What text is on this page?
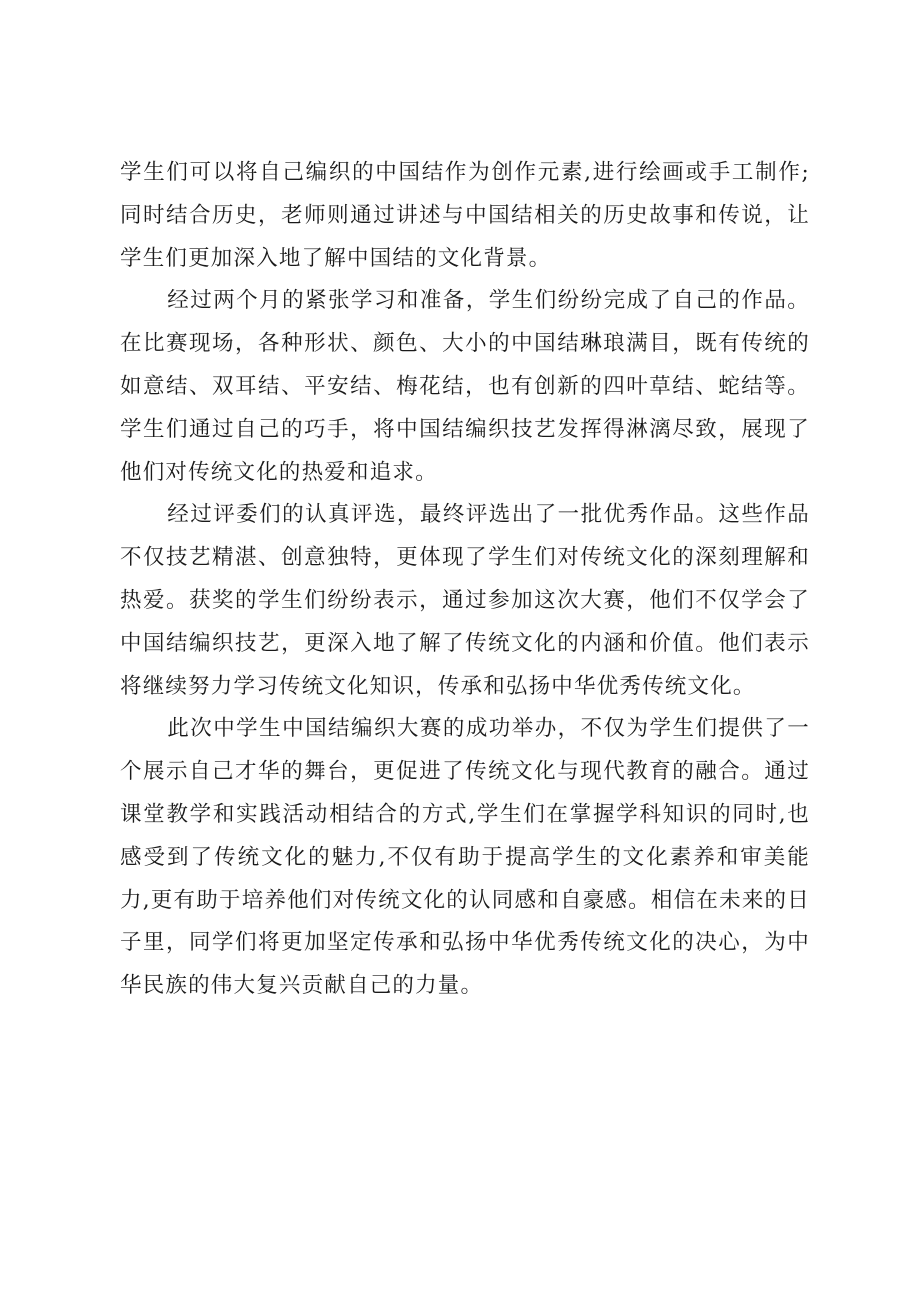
学生们可以将自己编织的中国结作为创作元素,进行绘画或手工制作;同时结合历史，老师则通过讲述与中国结相关的历史故事和传说，让学生们更加深入地了解中国结的文化背景。

经过两个月的紧张学习和准备，学生们纷纷完成了自己的作品。在比赛现场，各种形状、颜色、大小的中国结琳琅满目，既有传统的如意结、双耳结、平安结、梅花结，也有创新的四叶草结、蛇结等。学生们通过自己的巧手，将中国结编织技艺发挥得淋漓尽致，展现了他们对传统文化的热爱和追求。

经过评委们的认真评选，最终评选出了一批优秀作品。这些作品不仅技艺精湛、创意独特，更体现了学生们对传统文化的深刻理解和热爱。获奖的学生们纷纷表示，通过参加这次大赛，他们不仅学会了中国结编织技艺，更深入地了解了传统文化的内涵和价值。他们表示将继续努力学习传统文化知识，传承和弘扬中华优秀传统文化。

此次中学生中国结编织大赛的成功举办，不仅为学生们提供了一个展示自己才华的舞台，更促进了传统文化与现代教育的融合。通过课堂教学和实践活动相结合的方式,学生们在掌握学科知识的同时,也感受到了传统文化的魅力,不仅有助于提高学生的文化素养和审美能力,更有助于培养他们对传统文化的认同感和自豪感。相信在未来的日子里，同学们将更加坚定传承和弘扬中华优秀传统文化的决心，为中华民族的伟大复兴贡献自己的力量。
